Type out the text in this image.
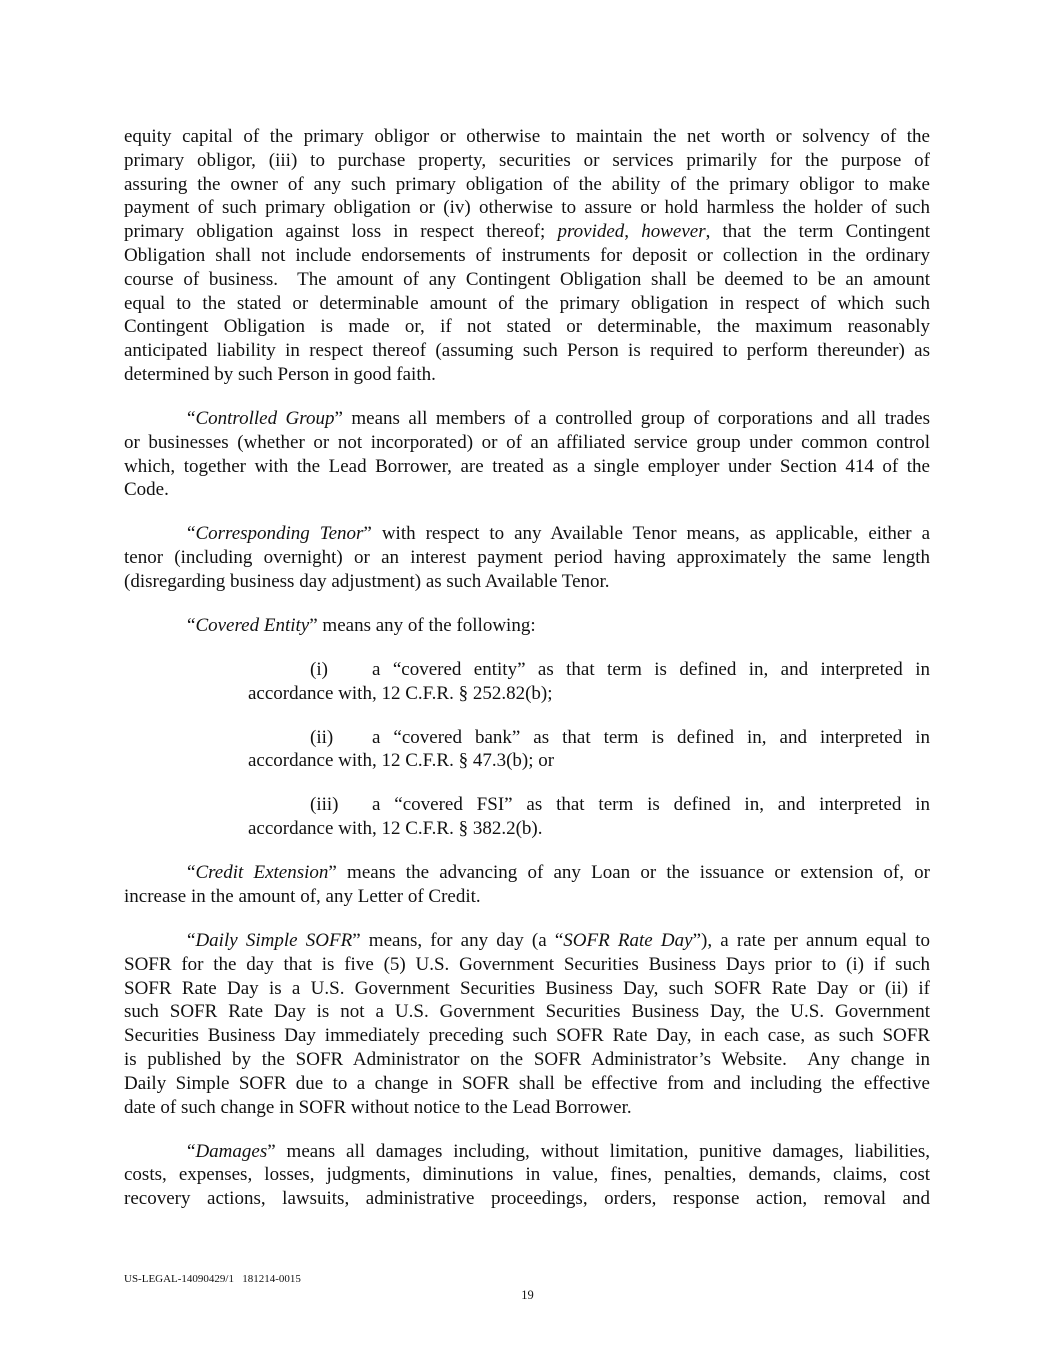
equity capital of the primary obligor or otherwise to maintain the net worth or solvency of the
primary obligor, (iii) to purchase property, securities or services primarily for the purpose of
assuring the owner of any such primary obligation of the ability of the primary obligor to make
payment of such primary obligation or (iv) otherwise to assure or hold harmless the holder of such
primary obligation against loss in respect thereof; provided, however, that the term Contingent
Obligation shall not include endorsements of instruments for deposit or collection in the ordinary
course of business.  The amount of any Contingent Obligation shall be deemed to be an amount
equal to the stated or determinable amount of the primary obligation in respect of which such
Contingent Obligation is made or, if not stated or determinable, the maximum reasonably
anticipated liability in respect thereof (assuming such Person is required to perform thereunder) as
determined by such Person in good faith.
“Controlled Group” means all members of a controlled group of corporations and all trades
or businesses (whether or not incorporated) or of an affiliated service group under common control
which, together with the Lead Borrower, are treated as a single employer under Section 414 of the
Code.
“Corresponding Tenor” with respect to any Available Tenor means, as applicable, either a
tenor (including overnight) or an interest payment period having approximately the same length
(disregarding business day adjustment) as such Available Tenor.
“Covered Entity” means any of the following:
(i) a “covered entity” as that term is defined in, and interpreted in
accordance with, 12 C.F.R. § 252.82(b);
(ii) a “covered bank” as that term is defined in, and interpreted in
accordance with, 12 C.F.R. § 47.3(b); or
(iii) a “covered FSI” as that term is defined in, and interpreted in
accordance with, 12 C.F.R. § 382.2(b).
“Credit Extension” means the advancing of any Loan or the issuance or extension of, or
increase in the amount of, any Letter of Credit.
“Daily Simple SOFR” means, for any day (a “SOFR Rate Day”), a rate per annum equal to
SOFR for the day that is five (5) U.S. Government Securities Business Days prior to (i) if such
SOFR Rate Day is a U.S. Government Securities Business Day, such SOFR Rate Day or (ii) if
such SOFR Rate Day is not a U.S. Government Securities Business Day, the U.S. Government
Securities Business Day immediately preceding such SOFR Rate Day, in each case, as such SOFR
is published by the SOFR Administrator on the SOFR Administrator’s Website.  Any change in
Daily Simple SOFR due to a change in SOFR shall be effective from and including the effective
date of such change in SOFR without notice to the Lead Borrower.
“Damages” means all damages including, without limitation, punitive damages, liabilities,
costs, expenses, losses, judgments, diminutions in value, fines, penalties, demands, claims, cost
recovery actions, lawsuits, administrative proceedings, orders, response action, removal and
US-LEGAL-14090429/1   181214-0015
19
